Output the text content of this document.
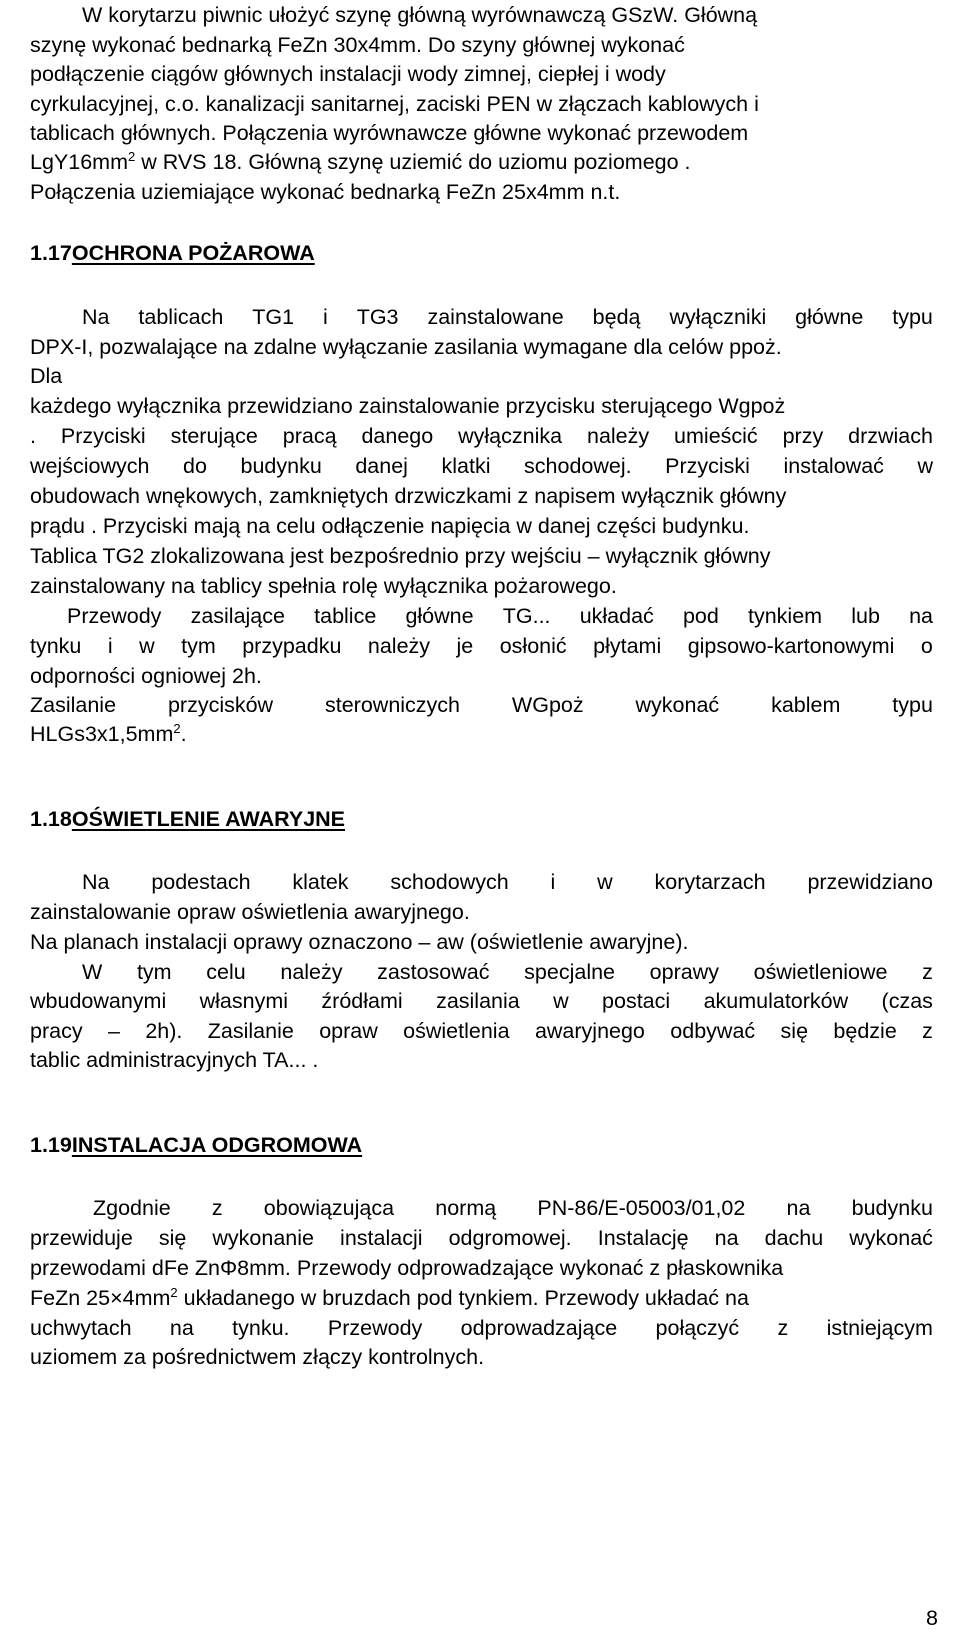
W korytarzu piwnic ułożyć szynę główną wyrównawczą GSzW. Główną
szynę wykonać bednarką FeZn 30x4mm. Do szyny głównej wykonać
podłączenie ciągów głównych instalacji wody zimnej, ciepłej i wody
cyrkulacyjnej, c.o. kanalizacji sanitarnej, zaciski PEN w złączach kablowych i
tablicach głównych. Połączenia wyrównawcze główne wykonać przewodem
$LgY16mm^2$ w RVS 18. Główną szynę uziemić do uziomu poziomego .
Połączenia uziemiające wykonać bednarką FeZn 25x4mm n.t.
1.17OCHRONA POŻAROWA
Na tablicach TG1 i TG3 zainstalowane będą wyłączniki główne typu
DPX-I, pozwalające na zdalne wyłączanie zasilania wymagane dla celów ppoż.
Dla
każdego wyłącznika przewidziano zainstalowanie przycisku sterującego Wgpoż
. Przyciski sterujące pracą danego wyłącznika należy umieścić przy drzwiach
wejściowych do budynku danej klatki schodowej. Przyciski instalować w
obudowach wnękowych, zamkniętych drzwiczkami z napisem wyłącznik główny
prądu . Przyciski mają na celu odłączenie napięcia w danej części budynku.
Tablica TG2 zlokalizowana jest bezpośrednio przy wejściu – wyłącznik główny
zainstalowany na tablicy spełnia rolę wyłącznika pożarowego.
Przewody zasilające tablice główne TG... układać pod tynkiem lub na
tynku i w tym przypadku należy je osłonić płytami gipsowo-kartonowymi o
odporności ogniowej 2h.
Zasilanie przycisków sterowniczych WGpoż wykonać kablem typu
$HLGs3x1,5mm^2$.
1.18OŚWIETLENIE AWARYJNE
Na podestach klatek schodowych i w korytarzach przewidziano
zainstalowanie opraw oświetlenia awaryjnego.
Na planach instalacji oprawy oznaczono – aw (oświetlenie awaryjne).
W tym celu należy zastosować specjalne oprawy oświetleniowe z
wbudowanymi własnymi źródłami zasilania w postaci akumulatorków (czas
pracy – 2h). Zasilanie opraw oświetlenia awaryjnego odbywać się będzie z
tablic administracyjnych TA... .
1.19INSTALACJA ODGROMOWA
Zgodnie z obowiązująca normą PN-86/E-05003/01,02 na budynku
przewiduje się wykonanie instalacji odgromowej. Instalację na dachu wykonać
przewodami dFe ZnΦ8mm. Przewody odprowadzające wykonać z płaskownika
FeZn $25\times 4mm^2$ układanego w bruzdach pod tynkiem. Przewody układać na
uchwytach na tynku. Przewody odprowadzające połączyć z istniejącym
uziomem za pośrednictwem złączy kontrolnych.
8
